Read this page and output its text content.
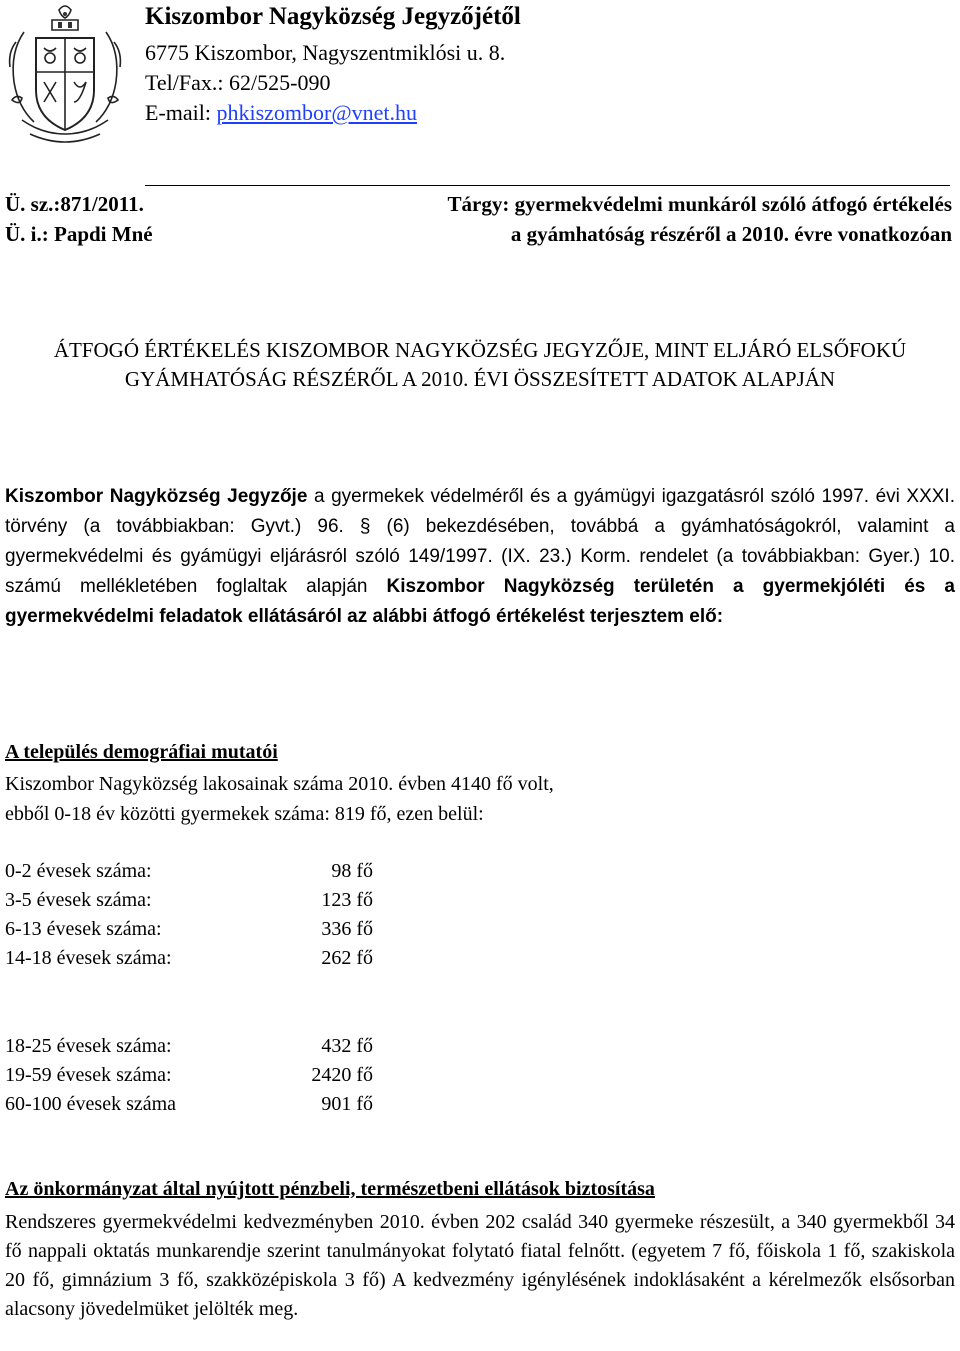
Kiszombor Nagyközség Jegyzőjétől
6775 Kiszombor, Nagyszentmiklósi u. 8.
Tel/Fax.: 62/525-090
E-mail: phkiszombor@vnet.hu
Ü. sz.:871/2011.
Ü. i.: Papdi Mné
Tárgy: gyermekvédelmi munkáról szóló átfogó értékelés
a gyámhatóság részéről a 2010. évre vonatkozóan
ÁTFOGÓ ÉRTÉKELÉS KISZOMBOR NAGYKÖZSÉG JEGYZŐJE, MINT ELJÁRÓ ELSŐFOKÚ GYÁMHATÓSÁG RÉSZÉRŐL A 2010. ÉVI ÖSSZESÍTETT ADATOK ALAPJÁN
Kiszombor Nagyközség Jegyzője a gyermekek védelméről és a gyámügyi igazgatásról szóló 1997. évi XXXI. törvény (a továbbiakban: Gyvt.) 96. § (6) bekezdésében, továbbá a gyámhatóságokról, valamint a gyermekvédelmi és gyámügyi eljárásról szóló 149/1997. (IX. 23.) Korm. rendelet (a továbbiakban: Gyer.) 10. számú mellékletében foglaltak alapján Kiszombor Nagyközség területén a gyermekjóléti és a gyermekvédelmi feladatok ellátásáról az alábbi átfogó értékelést terjesztem elő:
A település demográfiai mutatói
Kiszombor Nagyközség lakosainak száma 2010. évben 4140 fő volt,
ebből 0-18 év közötti gyermekek száma: 819 fő, ezen belül:
0-2 évesek száma:	98 fő
3-5 évesek száma:	123 fő
6-13 évesek száma:	336 fő
14-18 évesek száma:	262 fő
18-25 évesek száma:	432 fő
19-59 évesek száma:	2420 fő
60-100 évesek száma	901 fő
Az önkormányzat által nyújtott pénzbeli, természetbeni ellátások biztosítása
Rendszeres gyermekvédelmi kedvezményben 2010. évben 202 család 340 gyermeke részesült, a 340 gyermekből 34 fő nappali oktatás munkarendje szerint tanulmányokat folytató fiatal felnőtt. (egyetem 7 fő, főiskola 1 fő, szakiskola 20 fő, gimnázium 3 fő, szakközépiskola 3 fő) A kedvezmény igénylésének indoklásaként a kérelmezők elsősorban alacsony jövedelmüket jelölték meg.
